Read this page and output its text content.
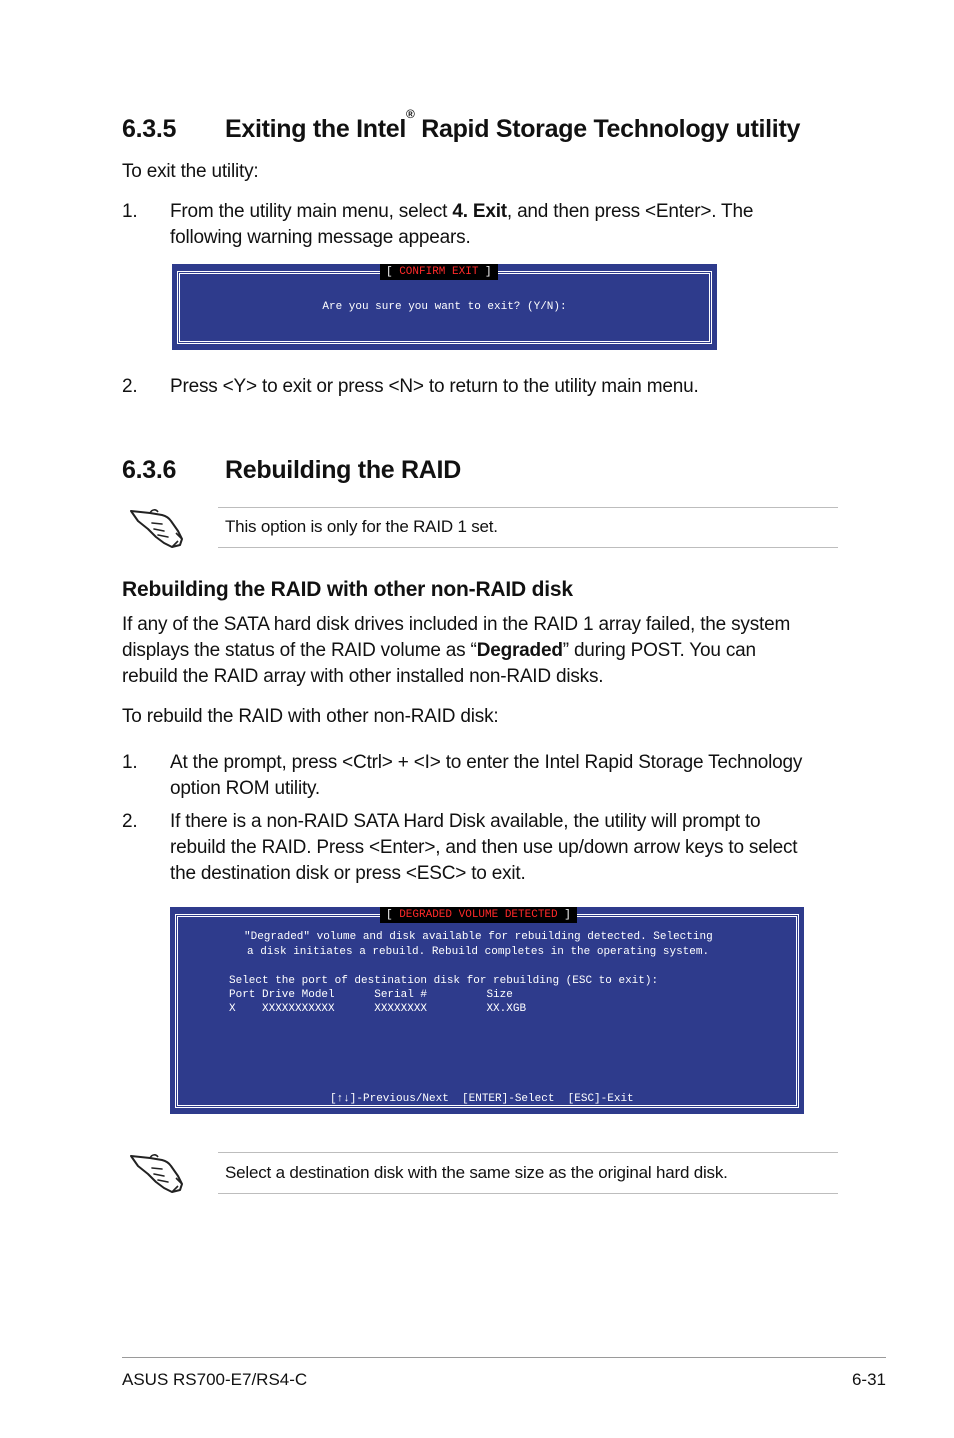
6.3.5 Exiting the Intel® Rapid Storage Technology utility
To exit the utility:
1. From the utility main menu, select 4. Exit, and then press <Enter>. The
following warning message appears.
[ CONFIRM EXIT ]
Are you sure you want to exit? (Y/N):
2. Press <Y> to exit or press <N> to return to the utility main menu.
6.3.6 Rebuilding the RAID
This option is only for the RAID 1 set.
Rebuilding the RAID with other non-RAID disk
If any of the SATA hard disk drives included in the RAID 1 array failed, the system
displays the status of the RAID volume as “Degraded” during POST. You can
rebuild the RAID array with other installed non-RAID disks.
To rebuild the RAID with other non-RAID disk:
1. At the prompt, press <Ctrl> + <I> to enter the Intel Rapid Storage Technology
option ROM utility.
2. If there is a non-RAID SATA Hard Disk available, the utility will prompt to
rebuild the RAID. Press <Enter>, and then use up/down arrow keys to select
the destination disk or press <ESC> to exit.
[ DEGRADED VOLUME DETECTED ]
"Degraded" volume and disk available for rebuilding detected. Selecting
a disk initiates a rebuild. Rebuild completes in the operating system.
Select the port of destination disk for rebuilding (ESC to exit):
Port Drive Model      Serial #         Size
X    XXXXXXXXXXX      XXXXXXXX         XX.XGB
[↑↓]-Previous/Next  [ENTER]-Select  [ESC]-Exit
Select a destination disk with the same size as the original hard disk.
ASUS RS700-E7/RS4-C	6-31
